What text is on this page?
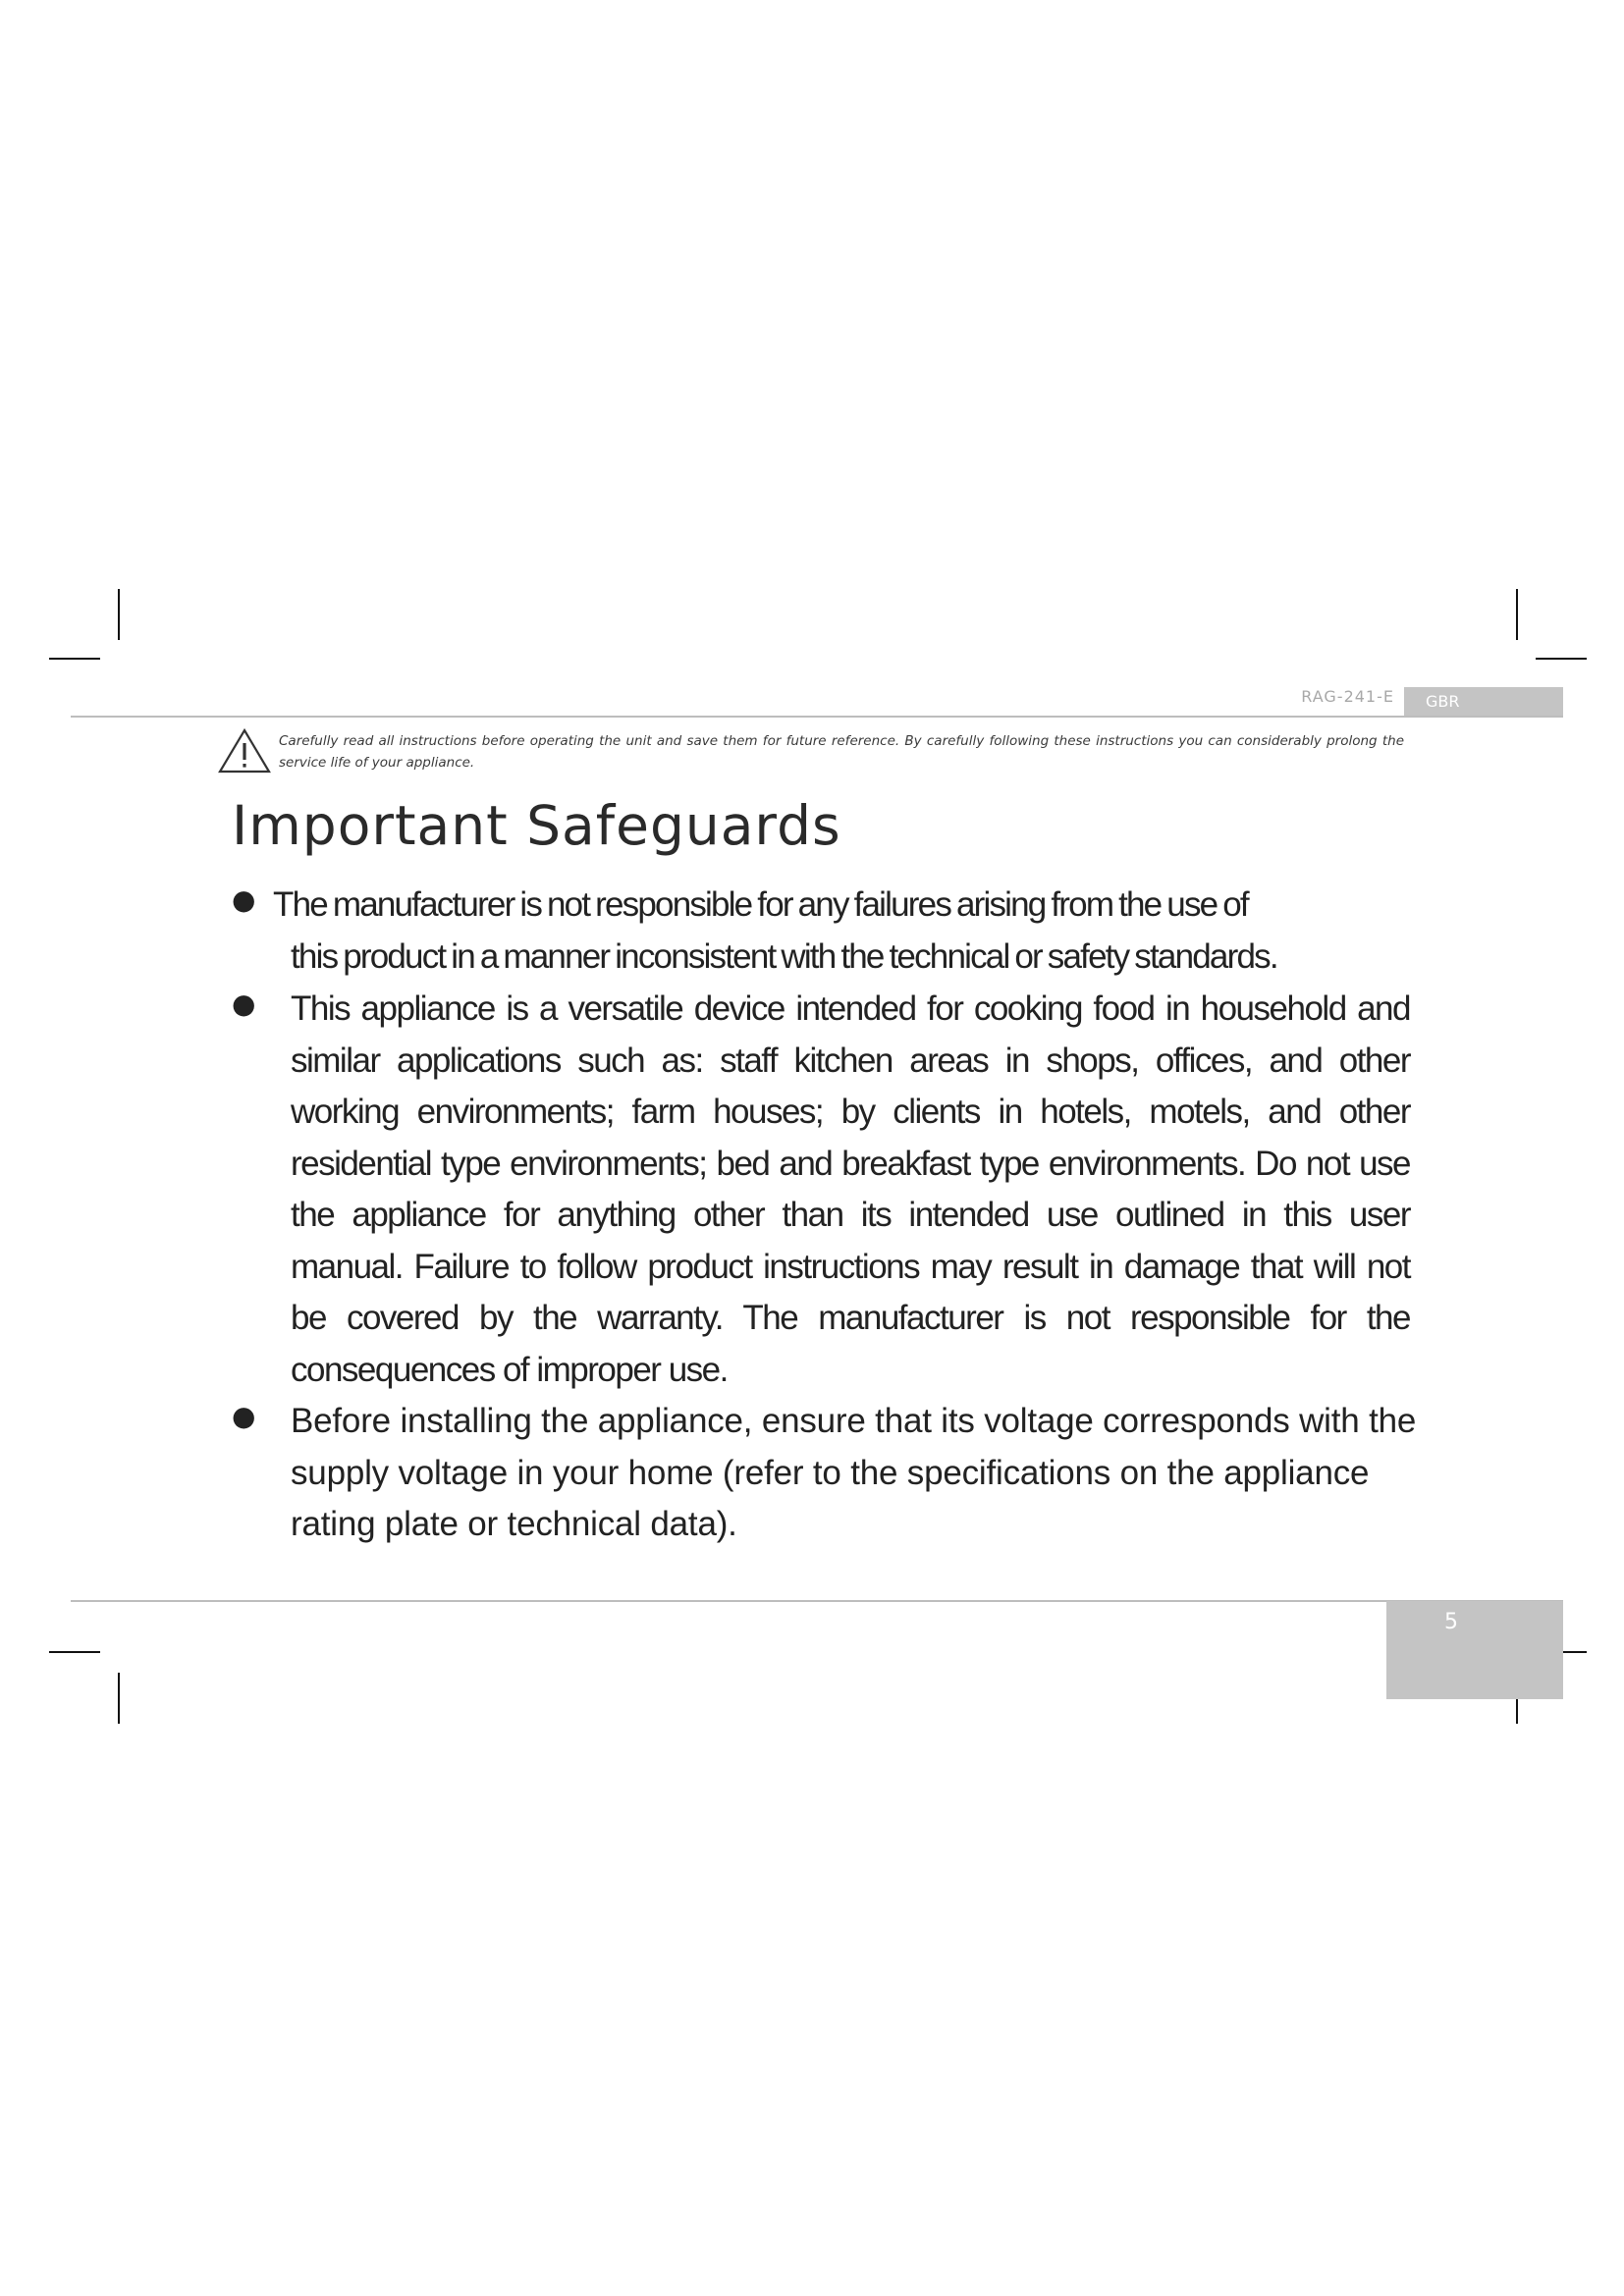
RAG-241-E	GBR
Carefully read all instructions before operating the unit and save them for future reference. By carefully following these instructions you can considerably prolong the service life of your appliance.
Important Safeguards
● The manufacturer is not responsible for any failures arising from the use of
this product in a manner inconsistent with the technical or safety standards.

● This appliance is a versatile device intended for cooking food in household and similar applications such as: staff kitchen areas in shops, offices, and other working environments; farm houses; by clients in hotels, motels, and other residential type environments; bed and breakfast type environments. Do not use the appliance for anything other than its intended use outlined in this user manual. Failure to follow product instructions may result in damage that will not be covered by the warranty. The manufacturer is not responsible for the consequences of improper use.

● Before installing the appliance, ensure that its voltage corresponds with the supply voltage in your home (refer to the specifications on the appliance rating plate or technical data).

5
